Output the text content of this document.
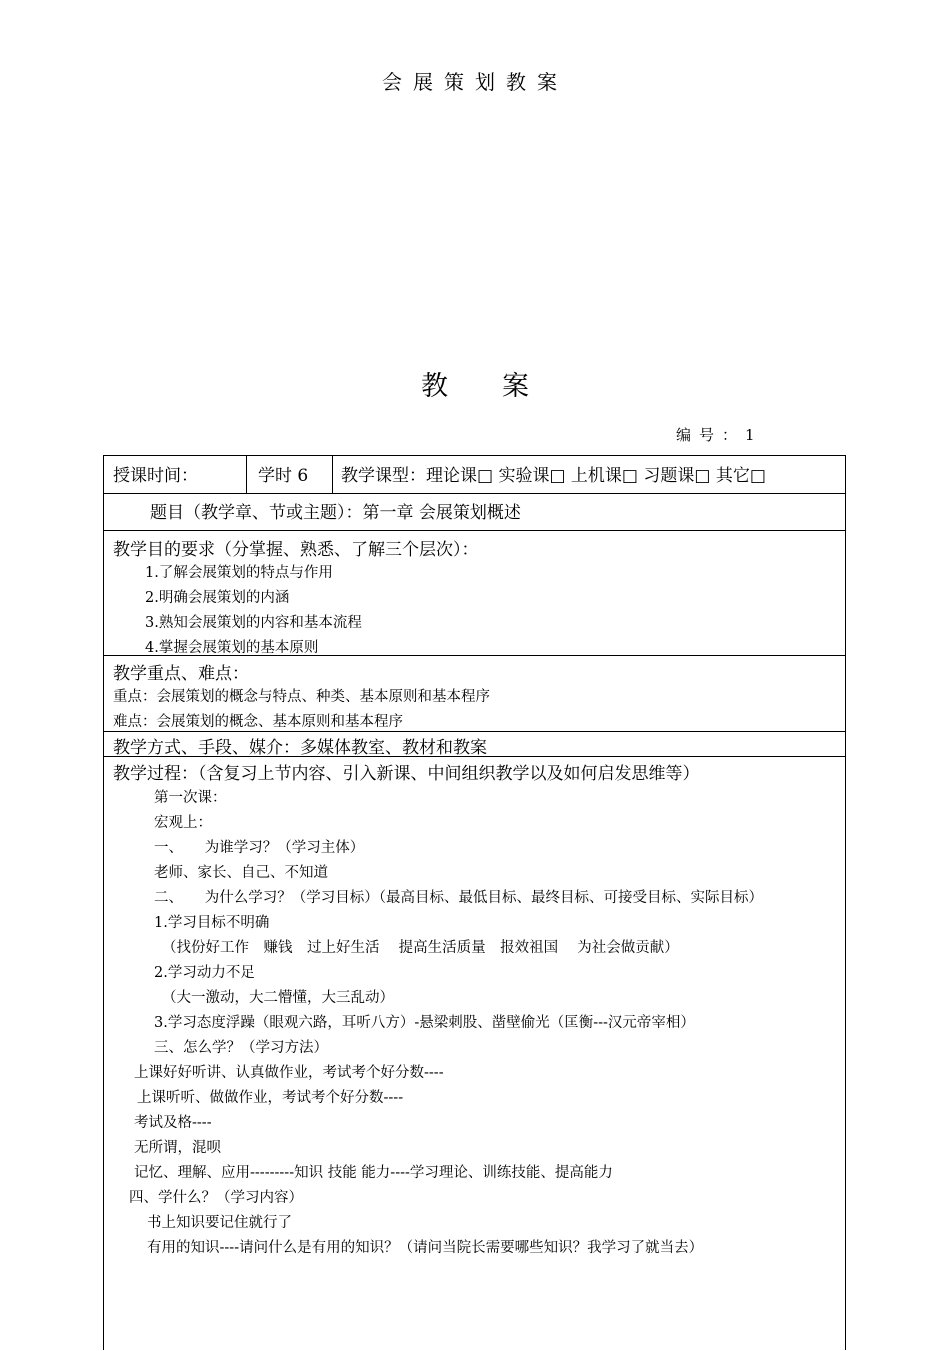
会展策划教案
教案
编号：1
授课时间：	学时 6 教学课型：理论课□ 实验课□ 上机课□ 习题课□ 其它□
题目（教学章、节或主题）：第一章 会展策划概述
教学目的要求（分掌握、熟悉、了解三个层次）：
1.了解会展策划的特点与作用
2.明确会展策划的内涵
3.熟知会展策划的内容和基本流程
4.掌握会展策划的基本原则
教学重点、难点：
重点：会展策划的概念与特点、种类、基本原则和基本程序
难点：会展策划的概念、基本原则和基本程序
教学方式、手段、媒介：多媒体教室、教材和教案
教学过程：（含复习上节内容、引入新课、中间组织教学以及如何启发思维等）
第一次课：
宏观上：
一、　　为谁学习？（学习主体）
老师、家长、自己、不知道
二、　　为什么学习？（学习目标）（最高目标、最低目标、最终目标、可接受目标、实际目标）
1.学习目标不明确
（找份好工作　赚钱　过上好生活　 提高生活质量　报效祖国　 为社会做贡献）
2.学习动力不足
（大一激动，大二懵懂，大三乱动）
3.学习态度浮躁（眼观六路，耳听八方）-悬梁刺股、凿壁偷光（匡衡---汉元帝宰相）
三、怎么学？（学习方法）
上课好好听讲、认真做作业，考试考个好分数----
上课听听、做做作业，考试考个好分数----
考试及格----
无所谓，混呗
记忆、理解、应用---------知识 技能 能力----学习理论、训练技能、提高能力
四、学什么？（学习内容）
书上知识要记住就行了
有用的知识----请问什么是有用的知识？（请问当院长需要哪些知识？我学习了就当去）
